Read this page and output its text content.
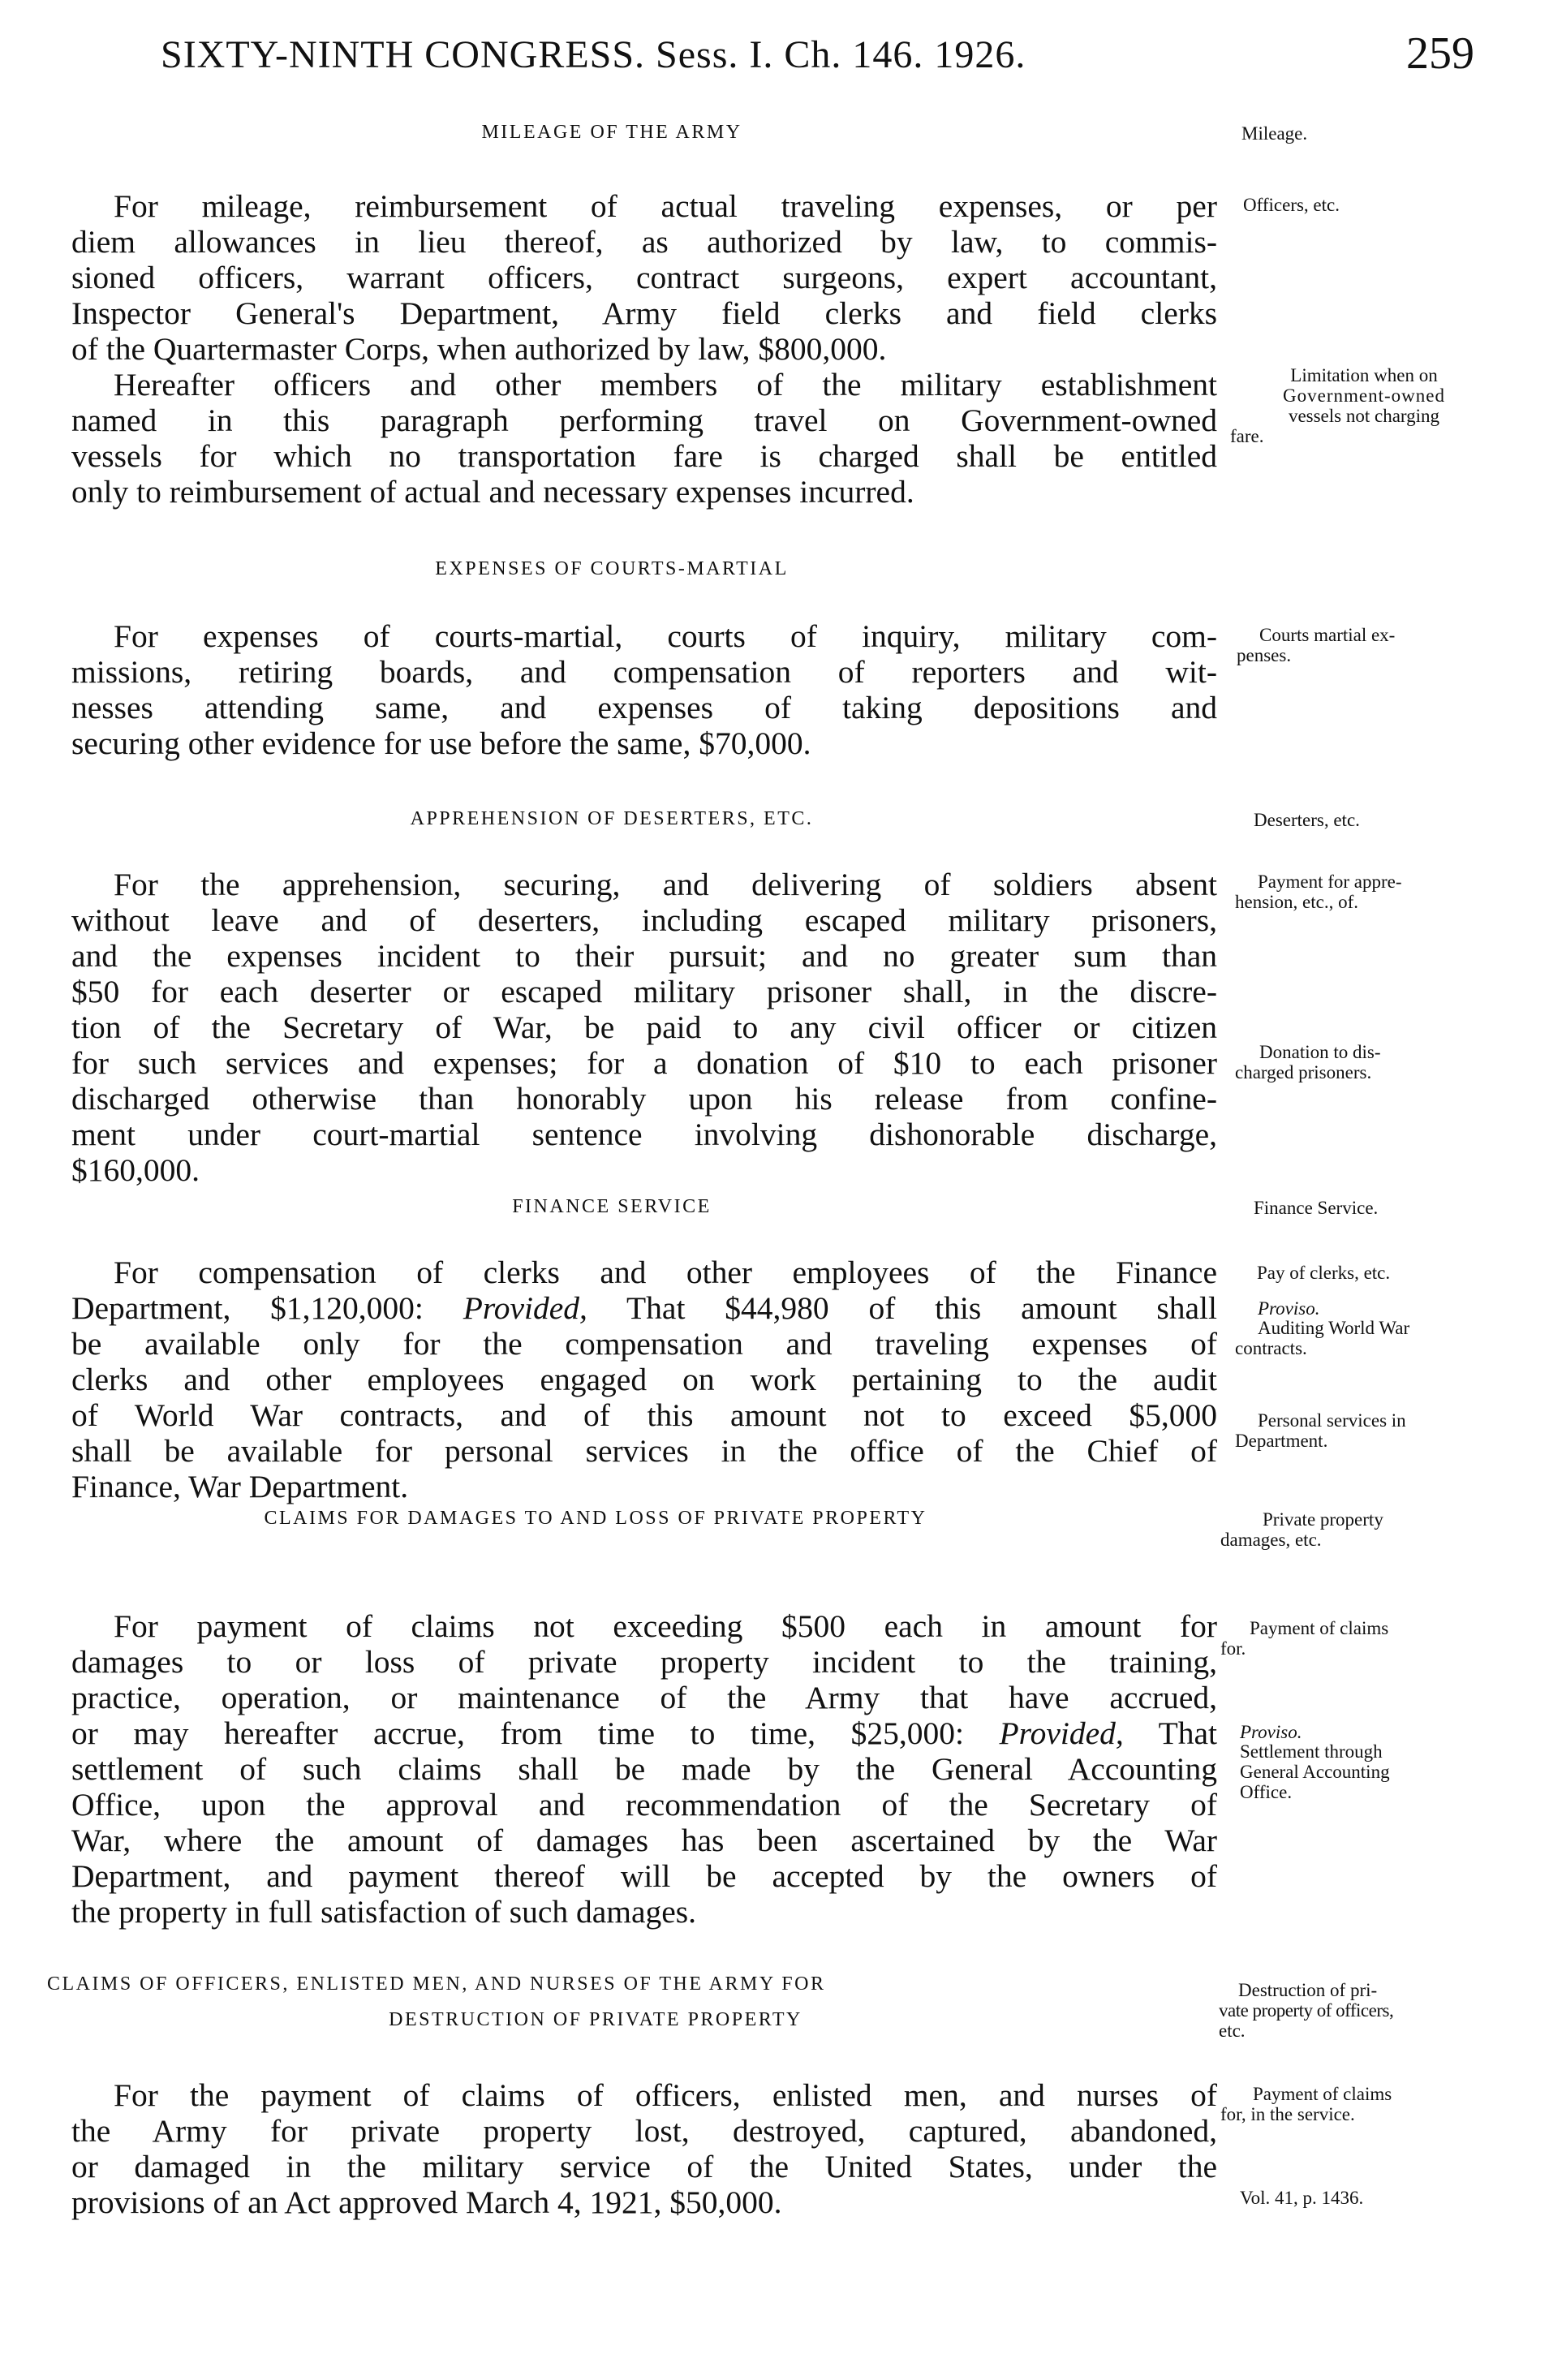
SIXTY-NINTH CONGRESS. Sess. I. Ch. 146. 1926.	259
MILEAGE OF THE ARMY
For mileage, reimbursement of actual traveling expenses, or per
diem allowances in lieu thereof, as authorized by law, to commis-
sioned officers, warrant officers, contract surgeons, expert accountant,
Inspector General's Department, Army field clerks and field clerks
of the Quartermaster Corps, when authorized by law, $800,000.
Hereafter officers and other members of the military establishment
named in this paragraph performing travel on Government-owned
vessels for which no transportation fare is charged shall be entitled
only to reimbursement of actual and necessary expenses incurred.
EXPENSES OF COURTS-MARTIAL
For expenses of courts-martial, courts of inquiry, military com-
missions, retiring boards, and compensation of reporters and wit-
nesses attending same, and expenses of taking depositions and
securing other evidence for use before the same, $70,000.
APPREHENSION OF DESERTERS, ETC.
For the apprehension, securing, and delivering of soldiers absent
without leave and of deserters, including escaped military prisoners,
and the expenses incident to their pursuit; and no greater sum than
$50 for each deserter or escaped military prisoner shall, in the discre-
tion of the Secretary of War, be paid to any civil officer or citizen
for such services and expenses; for a donation of $10 to each prisoner
discharged otherwise than honorably upon his release from confine-
ment under court-martial sentence involving dishonorable discharge,
$160,000.
FINANCE SERVICE
For compensation of clerks and other employees of the Finance
Department, $1,120,000: Provided, That $44,980 of this amount shall
be available only for the compensation and traveling expenses of
clerks and other employees engaged on work pertaining to the audit
of World War contracts, and of this amount not to exceed $5,000
shall be available for personal services in the office of the Chief of
Finance, War Department.
CLAIMS FOR DAMAGES TO AND LOSS OF PRIVATE PROPERTY
For payment of claims not exceeding $500 each in amount for
damages to or loss of private property incident to the training,
practice, operation, or maintenance of the Army that have accrued,
or may hereafter accrue, from time to time, $25,000: Provided, That
settlement of such claims shall be made by the General Accounting
Office, upon the approval and recommendation of the Secretary of
War, where the amount of damages has been ascertained by the War
Department, and payment thereof will be accepted by the owners of
the property in full satisfaction of such damages.
CLAIMS OF OFFICERS, ENLISTED MEN, AND NURSES OF THE ARMY FOR
DESTRUCTION OF PRIVATE PROPERTY
For the payment of claims of officers, enlisted men, and nurses of
the Army for private property lost, destroyed, captured, abandoned,
or damaged in the military service of the United States, under the
provisions of an Act approved March 4, 1921, $50,000.
Mileage.
Officers, etc.
Limitation when on
Government-owned
vessels not charging
fare.
Courts martial ex-
penses.
Deserters, etc.
Payment for appre-
hension, etc., of.
Donation to dis-
charged prisoners.
Finance Service.
Pay of clerks, etc.
Proviso.
Auditing World War
contracts.
Personal services in
Department.
Private property
damages, etc.
Payment of claims
for.
Proviso.
Settlement through
General Accounting
Office.
Destruction of pri-
vate property of officers,
etc.
Payment of claims
for, in the service.
Vol. 41, p. 1436.
